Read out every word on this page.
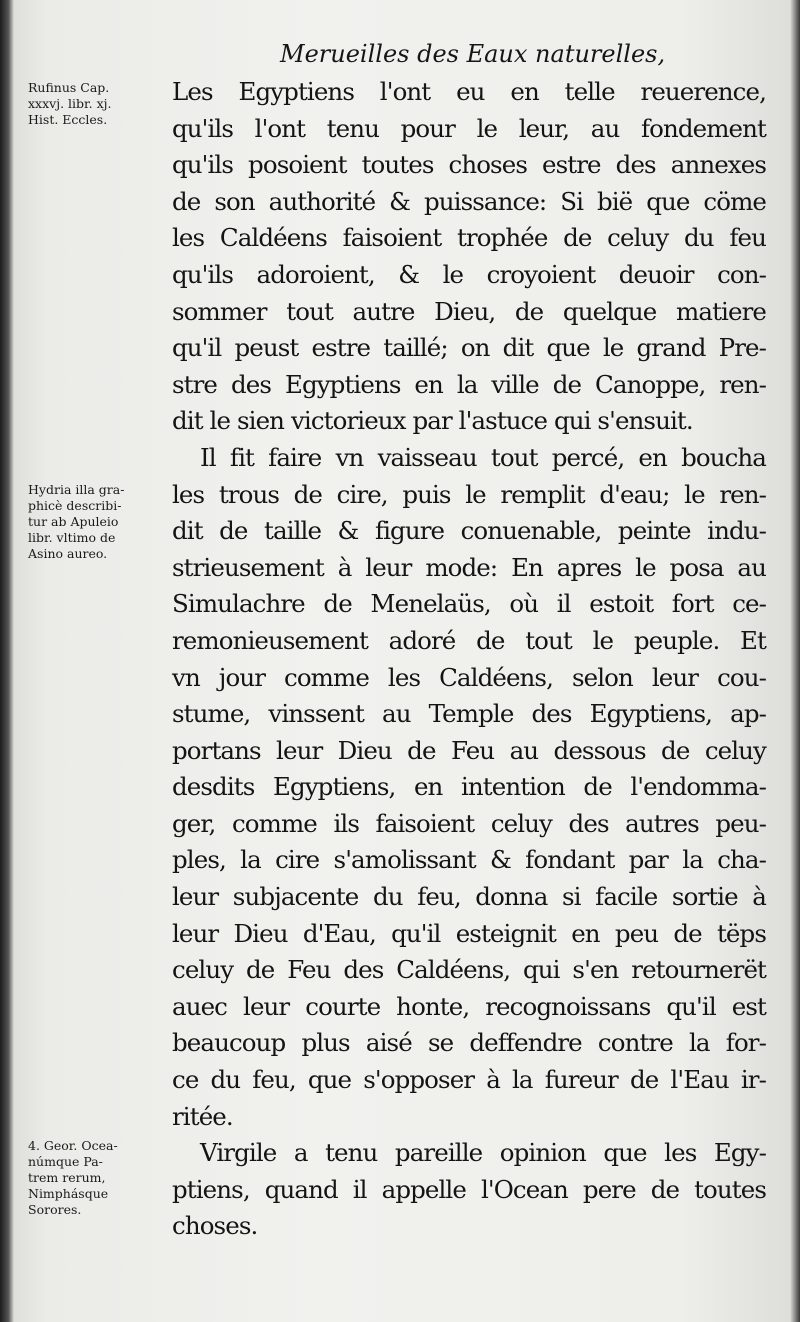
Merueilles des Eaux naturelles,
Rufinus Cap.
xxxvj. libr. xj.
Hist. Eccles.
Hydria illa gra-
phicè describi-
tur ab Apuleio
libr. vltimo de
Asino aureo.
4. Geor. Ocea-
númque Pa-
trem rerum,
Nimphásque
Sorores.
Les Egyptiens l'ont eu en telle reuerence,
qu'ils l'ont tenu pour le leur, au fondement
qu'ils posoient toutes choses estre des annexes
de son authorité & puissance: Si bië que cöme
les Caldéens faisoient trophée de celuy du feu
qu'ils adoroient, & le croyoient deuoir con-
sommer tout autre Dieu, de quelque matiere
qu'il peust estre taillé; on dit que le grand Pre-
stre des Egyptiens en la ville de Canoppe, ren-
dit le sien victorieux par l'astuce qui s'ensuit.
Il fit faire vn vaisseau tout percé, en boucha
les trous de cire, puis le remplit d'eau; le ren-
dit de taille & figure conuenable, peinte indu-
strieusement à leur mode: En apres le posa au
Simulachre de Menelaüs, où il estoit fort ce-
remonieusement adoré de tout le peuple. Et
vn jour comme les Caldéens, selon leur cou-
stume, vinssent au Temple des Egyptiens, ap-
portans leur Dieu de Feu au dessous de celuy
desdits Egyptiens, en intention de l'endomma-
ger, comme ils faisoient celuy des autres peu-
ples, la cire s'amolissant & fondant par la cha-
leur subjacente du feu, donna si facile sortie à
leur Dieu d'Eau, qu'il esteignit en peu de tëps
celuy de Feu des Caldéens, qui s'en retournerët
auec leur courte honte, recognoissans qu'il est
beaucoup plus aisé se deffendre contre la for-
ce du feu, que s'opposer à la fureur de l'Eau ir-
ritée.
Virgile a tenu pareille opinion que les Egy-
ptiens, quand il appelle l'Ocean pere de toutes
choses.
